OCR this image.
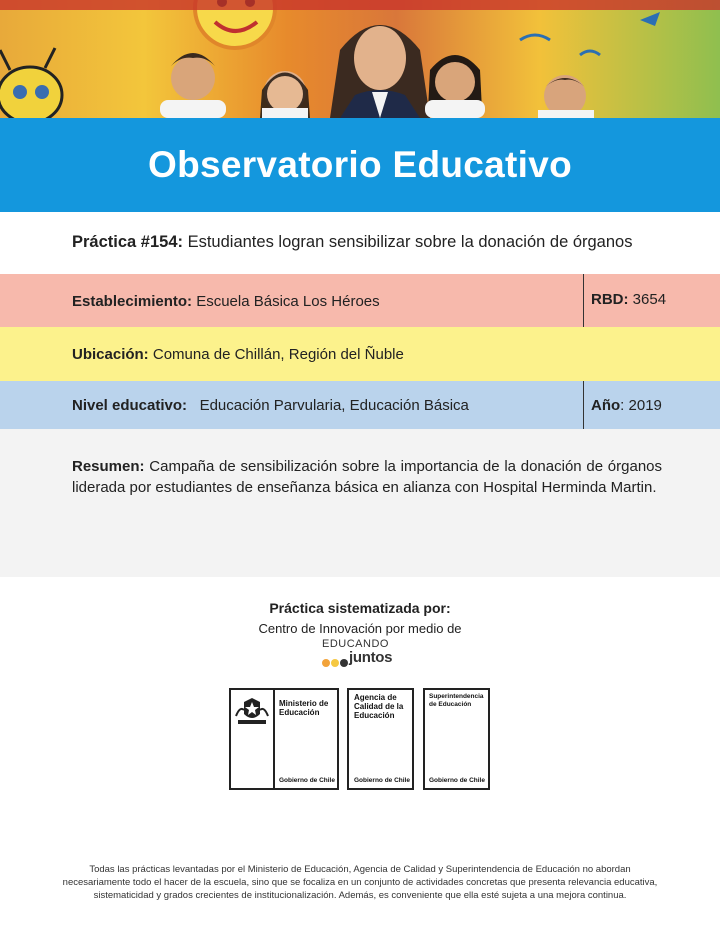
Observatorio Educativo

Práctica #154: Estudiantes logran sensibilizar sobre la donación de órganos

Establecimiento: Escuela Básica Los Héroes	RBD: 3654
Ubicación: Comuna de Chillán, Región del Ñuble
Nivel educativo: Educación Parvularia, Educación Básica	Año: 2019

Resumen: Campaña de sensibilización sobre la importancia de la donación de órganos liderada por estudiantes de enseñanza básica en alianza con Hospital Herminda Martin.

Práctica sistematizada por:

Centro de Innovación por medio de

EDUCANDO
juntos
Ministerio de
Educación
Gobierno de Chile
Agencia de
Calidad de la
Educación
Gobierno de Chile
Superintendencia
de Educación
Gobierno de Chile

Todas las prácticas levantadas por el Ministerio de Educación, Agencia de Calidad y Superintendencia de Educación no abordan necesariamente todo el hacer de la escuela, sino que se focaliza en un conjunto de actividades concretas que presenta relevancia educativa, sistematicidad y grados crecientes de institucionalización. Además, es conveniente que ella esté sujeta a una mejora continua.
